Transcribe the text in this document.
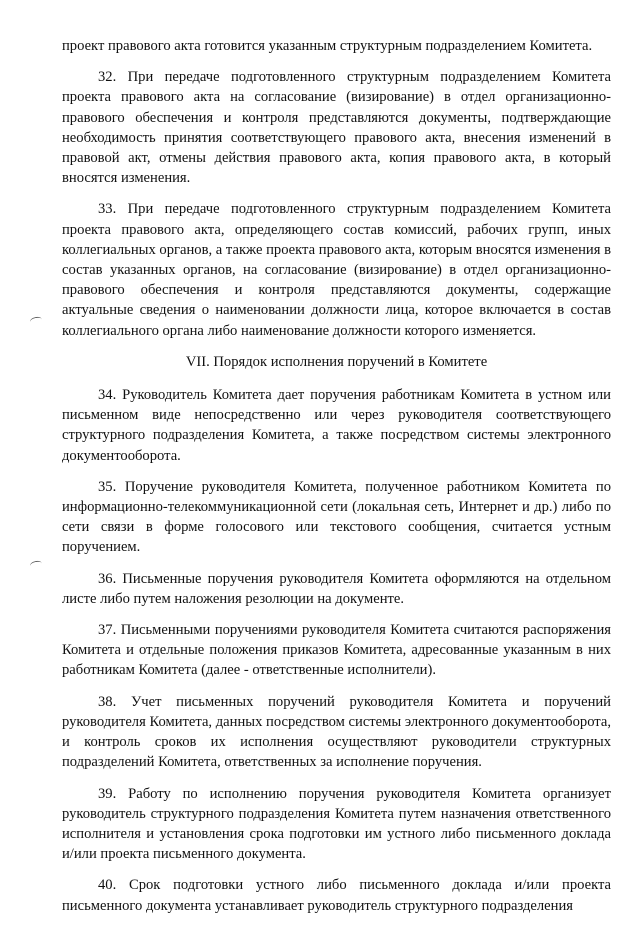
проект правового акта готовится указанным структурным подразделением Комитета.

32. При передаче подготовленного структурным подразделением Комитета проекта правового акта на согласование (визирование) в отдел организационно-правового обеспечения и контроля представляются документы, подтверждающие необходимость принятия соответствующего правового акта, внесения изменений в правовой акт, отмены действия правового акта, копия правового акта, в который вносятся изменения.

33. При передаче подготовленного структурным подразделением Комитета проекта правового акта, определяющего состав комиссий, рабочих групп, иных коллегиальных органов, а также проекта правового акта, которым вносятся изменения в состав указанных органов, на согласование (визирование) в отдел организационно-правового обеспечения и контроля представляются документы, содержащие актуальные сведения о наименовании должности лица, которое включается в состав коллегиального органа либо наименование должности которого изменяется.

VII. Порядок исполнения поручений в Комитете

34. Руководитель Комитета дает поручения работникам Комитета в устном или письменном виде непосредственно или через руководителя соответствующего структурного подразделения Комитета, а также посредством системы электронного документооборота.

35. Поручение руководителя Комитета, полученное работником Комитета по информационно-телекоммуникационной сети (локальная сеть, Интернет и др.) либо по сети связи в форме голосового или текстового сообщения, считается устным поручением.

36. Письменные поручения руководителя Комитета оформляются на отдельном листе либо путем наложения резолюции на документе.

37. Письменными поручениями руководителя Комитета считаются распоряжения Комитета и отдельные положения приказов Комитета, адресованные указанным в них работникам Комитета (далее - ответственные исполнители).

38. Учет письменных поручений руководителя Комитета и поручений руководителя Комитета, данных посредством системы электронного документооборота, и контроль сроков их исполнения осуществляют руководители структурных подразделений Комитета, ответственных за исполнение поручения.

39. Работу по исполнению поручения руководителя Комитета организует руководитель структурного подразделения Комитета путем назначения ответственного исполнителя и установления срока подготовки им устного либо письменного доклада и/или проекта письменного документа.

40. Срок подготовки устного либо письменного доклада и/или проекта письменного документа устанавливает руководитель структурного подразделения
